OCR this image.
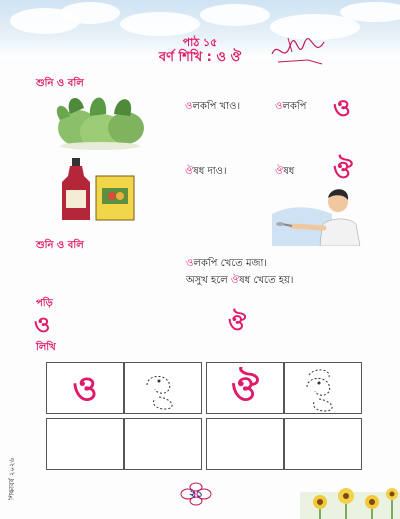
পাঠ ১৫
বর্ণ শিখি : ও ঔ
শুনি ও বলি
ওলকপি খাও।	ওলকপি ও
ঔষধ দাও।	ঔষধ ঔ
শুনি ও বলি
ওলকপি খেতে মজা।
অসুখ হলে ঔষধ খেতে হয়।
পড়ি
ও	ঔ
লিখি
ও	ঔ
শিক্ষাবর্ষ ২০২৬	২১
